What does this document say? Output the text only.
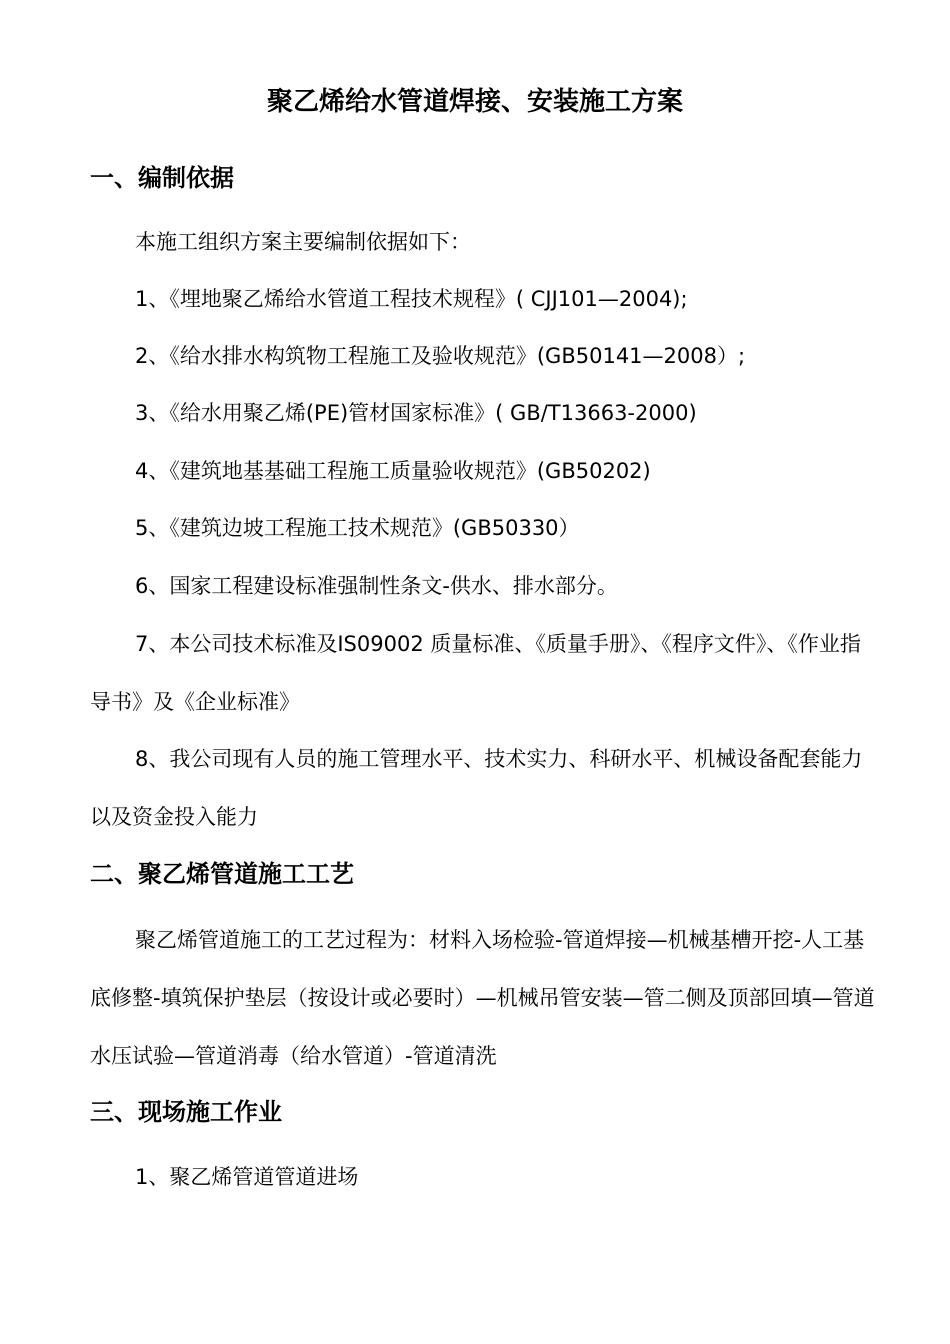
聚乙烯给水管道焊接、安装施工方案
一、编制依据
本施工组织方案主要编制依据如下：
1、《埋地聚乙烯给水管道工程技术规程》( CJJ101—2004);
2、《给水排水构筑物工程施工及验收规范》(GB50141—2008）;
3、《给水用聚乙烯(PE)管材国家标准》( GB/T13663-2000)
4、《建筑地基基础工程施工质量验收规范》(GB50202)
5、《建筑边坡工程施工技术规范》(GB50330）
6、国家工程建设标准强制性条文-供水、排水部分。
7、本公司技术标准及IS09002 质量标准、《质量手册》、《程序文件》、《作业指导书》及《企业标准》
8、我公司现有人员的施工管理水平、技术实力、科研水平、机械设备配套能力以及资金投入能力
二、聚乙烯管道施工工艺
聚乙烯管道施工的工艺过程为：材料入场检验-管道焊接—机械基槽开挖-人工基底修整-填筑保护垫层（按设计或必要时）—机械吊管安装—管二侧及顶部回填—管道水压试验—管道消毒（给水管道）-管道清洗
三、现场施工作业
1、聚乙烯管道管道进场
